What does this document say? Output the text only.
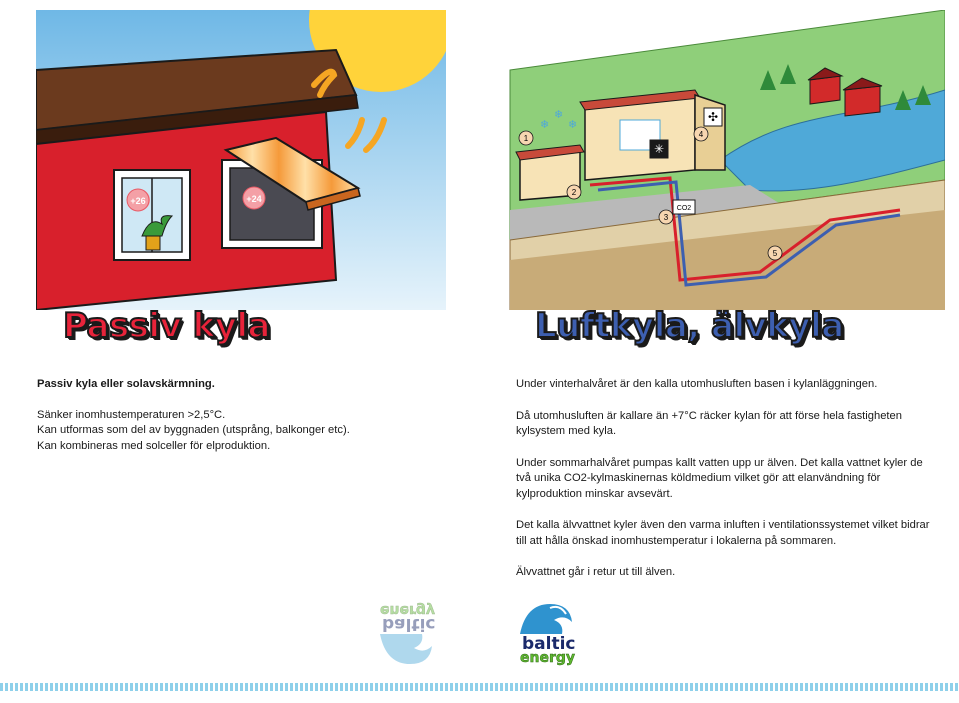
+26	+24
CO2
✣
✳
1
2
3
4
5
❄
❄
❄
Passiv kyla	Luftkyla, älvkyla
Passiv kyla eller solavskärmning.
Sänker inomhustemperaturen >2,5°C.
Kan utformas som del av byggnaden (utsprång, balkonger etc).
Kan kombineras med solceller för elproduktion.

Under vinterhalvåret är den kalla utomhusluften basen i kylanläggningen.

Då utomhusluften är kallare än +7°C räcker kylan för att förse hela fastigheten kylsystem med kyla.

Under sommarhalvåret pumpas kallt vatten upp ur älven. Det kalla vattnet kyler de två unika CO2-kylmaskinernas köldmedium vilket gör att elanvändning för kylproduktion minskar avsevärt.

Det kalla älvvattnet kyler även den varma inluften i ventilationssystemet vilket bidrar till att hålla önskad inomhustemperatur i lokalerna på sommaren.

Älvvattnet går i retur ut till älven.

baltic
energy
baltic
energy
